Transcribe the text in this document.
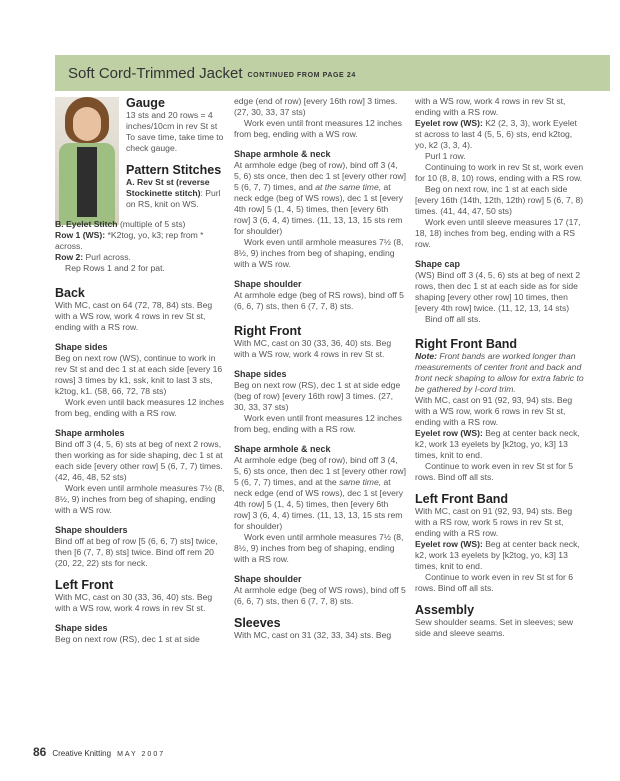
Soft Cord-Trimmed Jacket CONTINUED FROM PAGE 24

Gauge

13 sts and 20 rows = 4 inches/10cm in rev St st

To save time, take time to check gauge.

Pattern Stitches

A. Rev St st (reverse Stockinette stitch): Purl on RS, knit on WS.

B. Eyelet Stitch (multiple of 5 sts)

Row 1 (WS): *K2tog, yo, k3; rep from * across.

Row 2: Purl across.

Rep Rows 1 and 2 for pat.

Back

With MC, cast on 64 (72, 78, 84) sts. Beg with a WS row, work 4 rows in rev St st, ending with a RS row.

Shape sides

Beg on next row (WS), continue to work in rev St st and dec 1 st at each side [every 16 rows] 3 times by k1, ssk, knit to last 3 sts, k2tog, k1. (58, 66, 72, 78 sts)

Work even until back measures 12 inches from beg, ending with a RS row.

Shape armholes

Bind off 3 (4, 5, 6) sts at beg of next 2 rows, then working as for side shaping, dec 1 st at each side [every other row] 5 (6, 7, 7) times. (42, 46, 48, 52 sts)

Work even until armhole measures 7½ (8, 8½, 9) inches from beg of shaping, ending with a WS row.

Shape shoulders

Bind off at beg of row [5 (6, 6, 7) sts] twice, then [6 (7, 7, 8) sts] twice. Bind off rem 20 (20, 22, 22) sts for neck.

Left Front

With MC, cast on 30 (33, 36, 40) sts. Beg with a WS row, work 4 rows in rev St st.

Shape sides

Beg on next row (RS), dec 1 st at side

edge (end of row) [every 16th row] 3 times. (27, 30, 33, 37 sts)

Work even until front measures 12 inches from beg, ending with a WS row.

Shape armhole & neck

At armhole edge (beg of row), bind off 3 (4, 5, 6) sts once, then dec 1 st [every other row] 5 (6, 7, 7) times, and at the same time, at neck edge (beg of WS rows), dec 1 st [every 4th row] 5 (1, 4, 5) times, then [every 6th row] 3 (6, 4, 4) times. (11, 13, 13, 15 sts rem for shoulder)

Work even until armhole measures 7½ (8, 8½, 9) inches from beg of shaping, ending with a WS row.

Shape shoulder

At armhole edge (beg of RS rows), bind off 5 (6, 6, 7) sts, then 6 (7, 7, 8) sts.

Right Front

With MC, cast on 30 (33, 36, 40) sts. Beg with a WS row, work 4 rows in rev St st.

Shape sides

Beg on next row (RS), dec 1 st at side edge (beg of row) [every 16th row] 3 times. (27, 30, 33, 37 sts)

Work even until front measures 12 inches from beg, ending with a RS row.

Shape armhole & neck

At armhole edge (beg of row), bind off 3 (4, 5, 6) sts once, then dec 1 st [every other row] 5 (6, 7, 7) times, and at the same time, at neck edge (end of WS rows), dec 1 st [every 4th row] 5 (1, 4, 5) times, then [every 6th row] 3 (6, 4, 4) times. (11, 13, 13, 15 sts rem for shoulder)

Work even until armhole measures 7½ (8, 8½, 9) inches from beg of shaping, ending with a RS row.

Shape shoulder

At armhole edge (beg of WS rows), bind off 5 (6, 6, 7) sts, then 6 (7, 7, 8) sts.

Sleeves

With MC, cast on 31 (32, 33, 34) sts. Beg

with a WS row, work 4 rows in rev St st, ending with a RS row.

Eyelet row (WS): K2 (2, 3, 3), work Eyelet st across to last 4 (5, 5, 6) sts, end k2tog, yo, k2 (3, 3, 4).

Purl 1 row.

Continuing to work in rev St st, work even for 10 (8, 8, 10) rows, ending with a RS row.

Beg on next row, inc 1 st at each side [every 16th (14th, 12th, 12th) row] 5 (6, 7, 8) times. (41, 44, 47, 50 sts)

Work even until sleeve measures 17 (17, 18, 18) inches from beg, ending with a RS row.

Shape cap

(WS) Bind off 3 (4, 5, 6) sts at beg of next 2 rows, then dec 1 st at each side as for side shaping [every other row] 10 times, then [every 4th row] twice. (11, 12, 13, 14 sts)

Bind off all sts.

Right Front Band

Note: Front bands are worked longer than measurements of center front and back and front neck shaping to allow for extra fabric to be gathered by I-cord trim.

With MC, cast on 91 (92, 93, 94) sts. Beg with a WS row, work 6 rows in rev St st, ending with a RS row.

Eyelet row (WS): Beg at center back neck, k2, work 13 eyelets by [k2tog, yo, k3] 13 times, knit to end.

Continue to work even in rev St st for 5 rows. Bind off all sts.

Left Front Band

With MC, cast on 91 (92, 93, 94) sts. Beg with a RS row, work 5 rows in rev St st, ending with a RS row.

Eyelet row (WS): Beg at center back neck, k2, work 13 eyelets by [k2tog, yo, k3] 13 times, knit to end.

Continue to work even in rev St st for 6 rows. Bind off all sts.

Assembly

Sew shoulder seams. Set in sleeves; sew side and sleeve seams.

86 Creative Knitting MAY 2007
